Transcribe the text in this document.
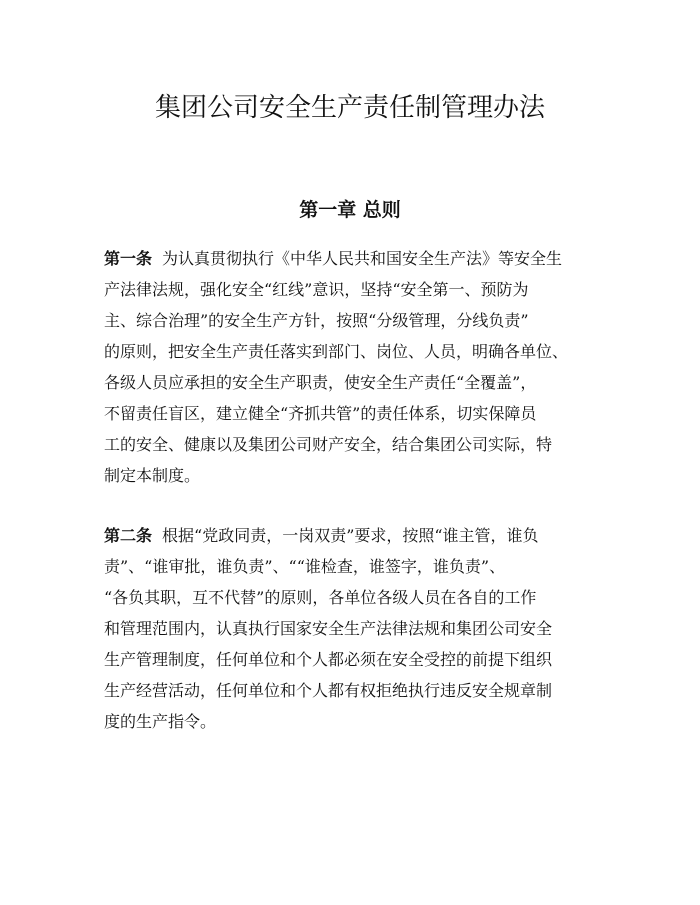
集团公司安全生产责任制管理办法
第一章 总则
第一条 为认真贯彻执行《中华人民共和国安全生产法》等安全生
产法律法规，强化安全“红线”意识，坚持“安全第一、预防为
主、综合治理”的安全生产方针，按照“分级管理，分线负责”
的原则，把安全生产责任落实到部门、岗位、人员，明确各单位、
各级人员应承担的安全生产职责，使安全生产责任“全覆盖”，
不留责任盲区，建立健全“齐抓共管”的责任体系，切实保障员
工的安全、健康以及集团公司财产安全，结合集团公司实际，特
制定本制度。
第二条 根据“党政同责，一岗双责”要求，按照“谁主管，谁负
责”、“谁审批，谁负责”、““谁检查，谁签字，谁负责”、
“各负其职，互不代替”的原则，各单位各级人员在各自的工作
和管理范围内，认真执行国家安全生产法律法规和集团公司安全
生产管理制度，任何单位和个人都必须在安全受控的前提下组织
生产经营活动，任何单位和个人都有权拒绝执行违反安全规章制
度的生产指令。
